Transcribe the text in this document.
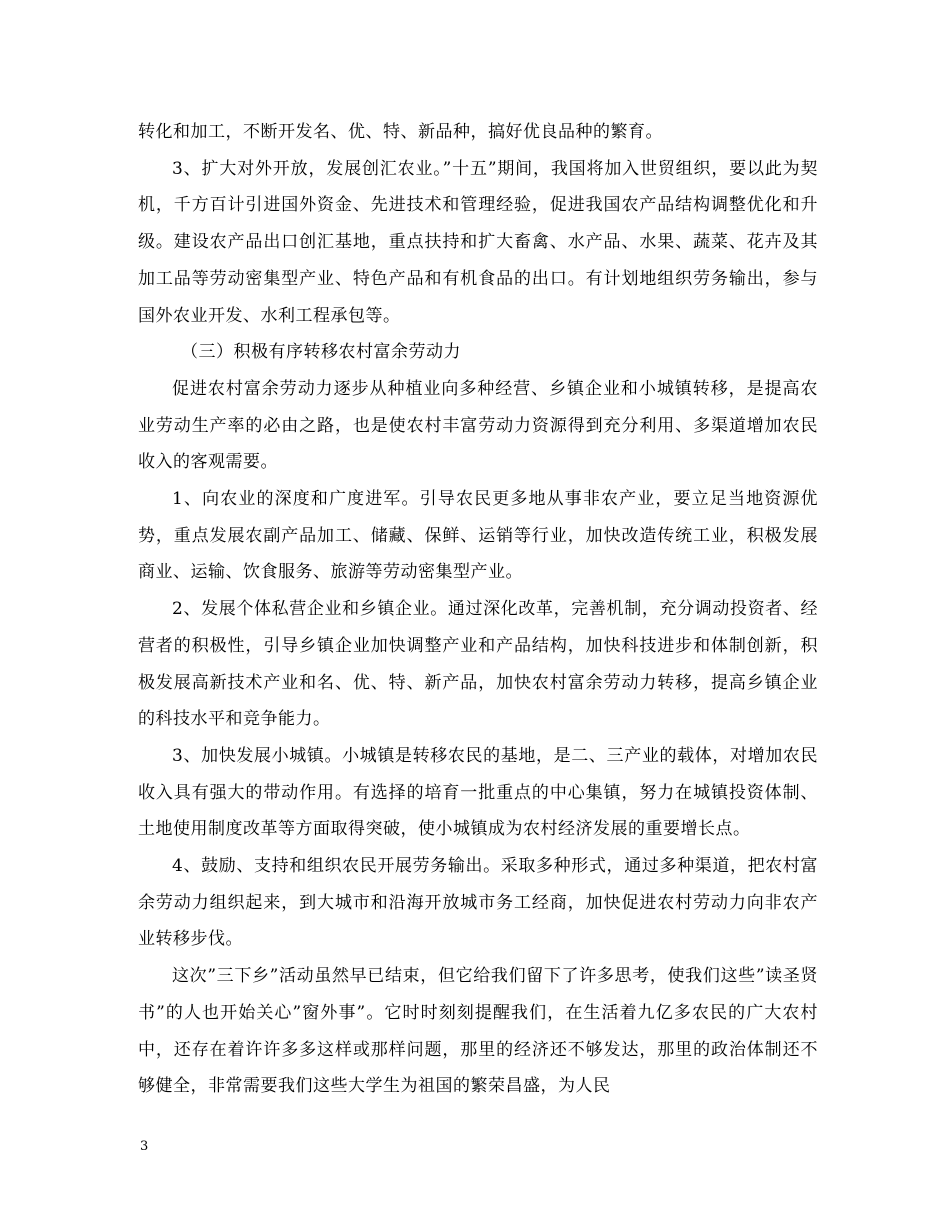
转化和加工，不断开发名、优、特、新品种，搞好优良品种的繁育。

3、扩大对外开放，发展创汇农业。”十五”期间，我国将加入世贸组织，要以此为契机，千方百计引进国外资金、先进技术和管理经验，促进我国农产品结构调整优化和升级。建设农产品出口创汇基地，重点扶持和扩大畜禽、水产品、水果、蔬菜、花卉及其加工品等劳动密集型产业、特色产品和有机食品的出口。有计划地组织劳务输出，参与国外农业开发、水利工程承包等。

（三）积极有序转移农村富余劳动力

促进农村富余劳动力逐步从种植业向多种经营、乡镇企业和小城镇转移，是提高农业劳动生产率的必由之路，也是使农村丰富劳动力资源得到充分利用、多渠道增加农民收入的客观需要。

1、向农业的深度和广度进军。引导农民更多地从事非农产业，要立足当地资源优势，重点发展农副产品加工、储藏、保鲜、运销等行业，加快改造传统工业，积极发展商业、运输、饮食服务、旅游等劳动密集型产业。

2、发展个体私营企业和乡镇企业。通过深化改革，完善机制，充分调动投资者、经营者的积极性，引导乡镇企业加快调整产业和产品结构，加快科技进步和体制创新，积极发展高新技术产业和名、优、特、新产品，加快农村富余劳动力转移，提高乡镇企业的科技水平和竞争能力。

3、加快发展小城镇。小城镇是转移农民的基地，是二、三产业的载体，对增加农民收入具有强大的带动作用。有选择的培育一批重点的中心集镇，努力在城镇投资体制、土地使用制度改革等方面取得突破，使小城镇成为农村经济发展的重要增长点。

4、鼓励、支持和组织农民开展劳务输出。采取多种形式，通过多种渠道，把农村富余劳动力组织起来，到大城市和沿海开放城市务工经商，加快促进农村劳动力向非农产业转移步伐。

这次”三下乡”活动虽然早已结束，但它给我们留下了许多思考，使我们这些”读圣贤书”的人也开始关心”窗外事”。它时时刻刻提醒我们，在生活着九亿多农民的广大农村中，还存在着许许多多这样或那样问题，那里的经济还不够发达，那里的政治体制还不够健全，非常需要我们这些大学生为祖国的繁荣昌盛，为人民

3
